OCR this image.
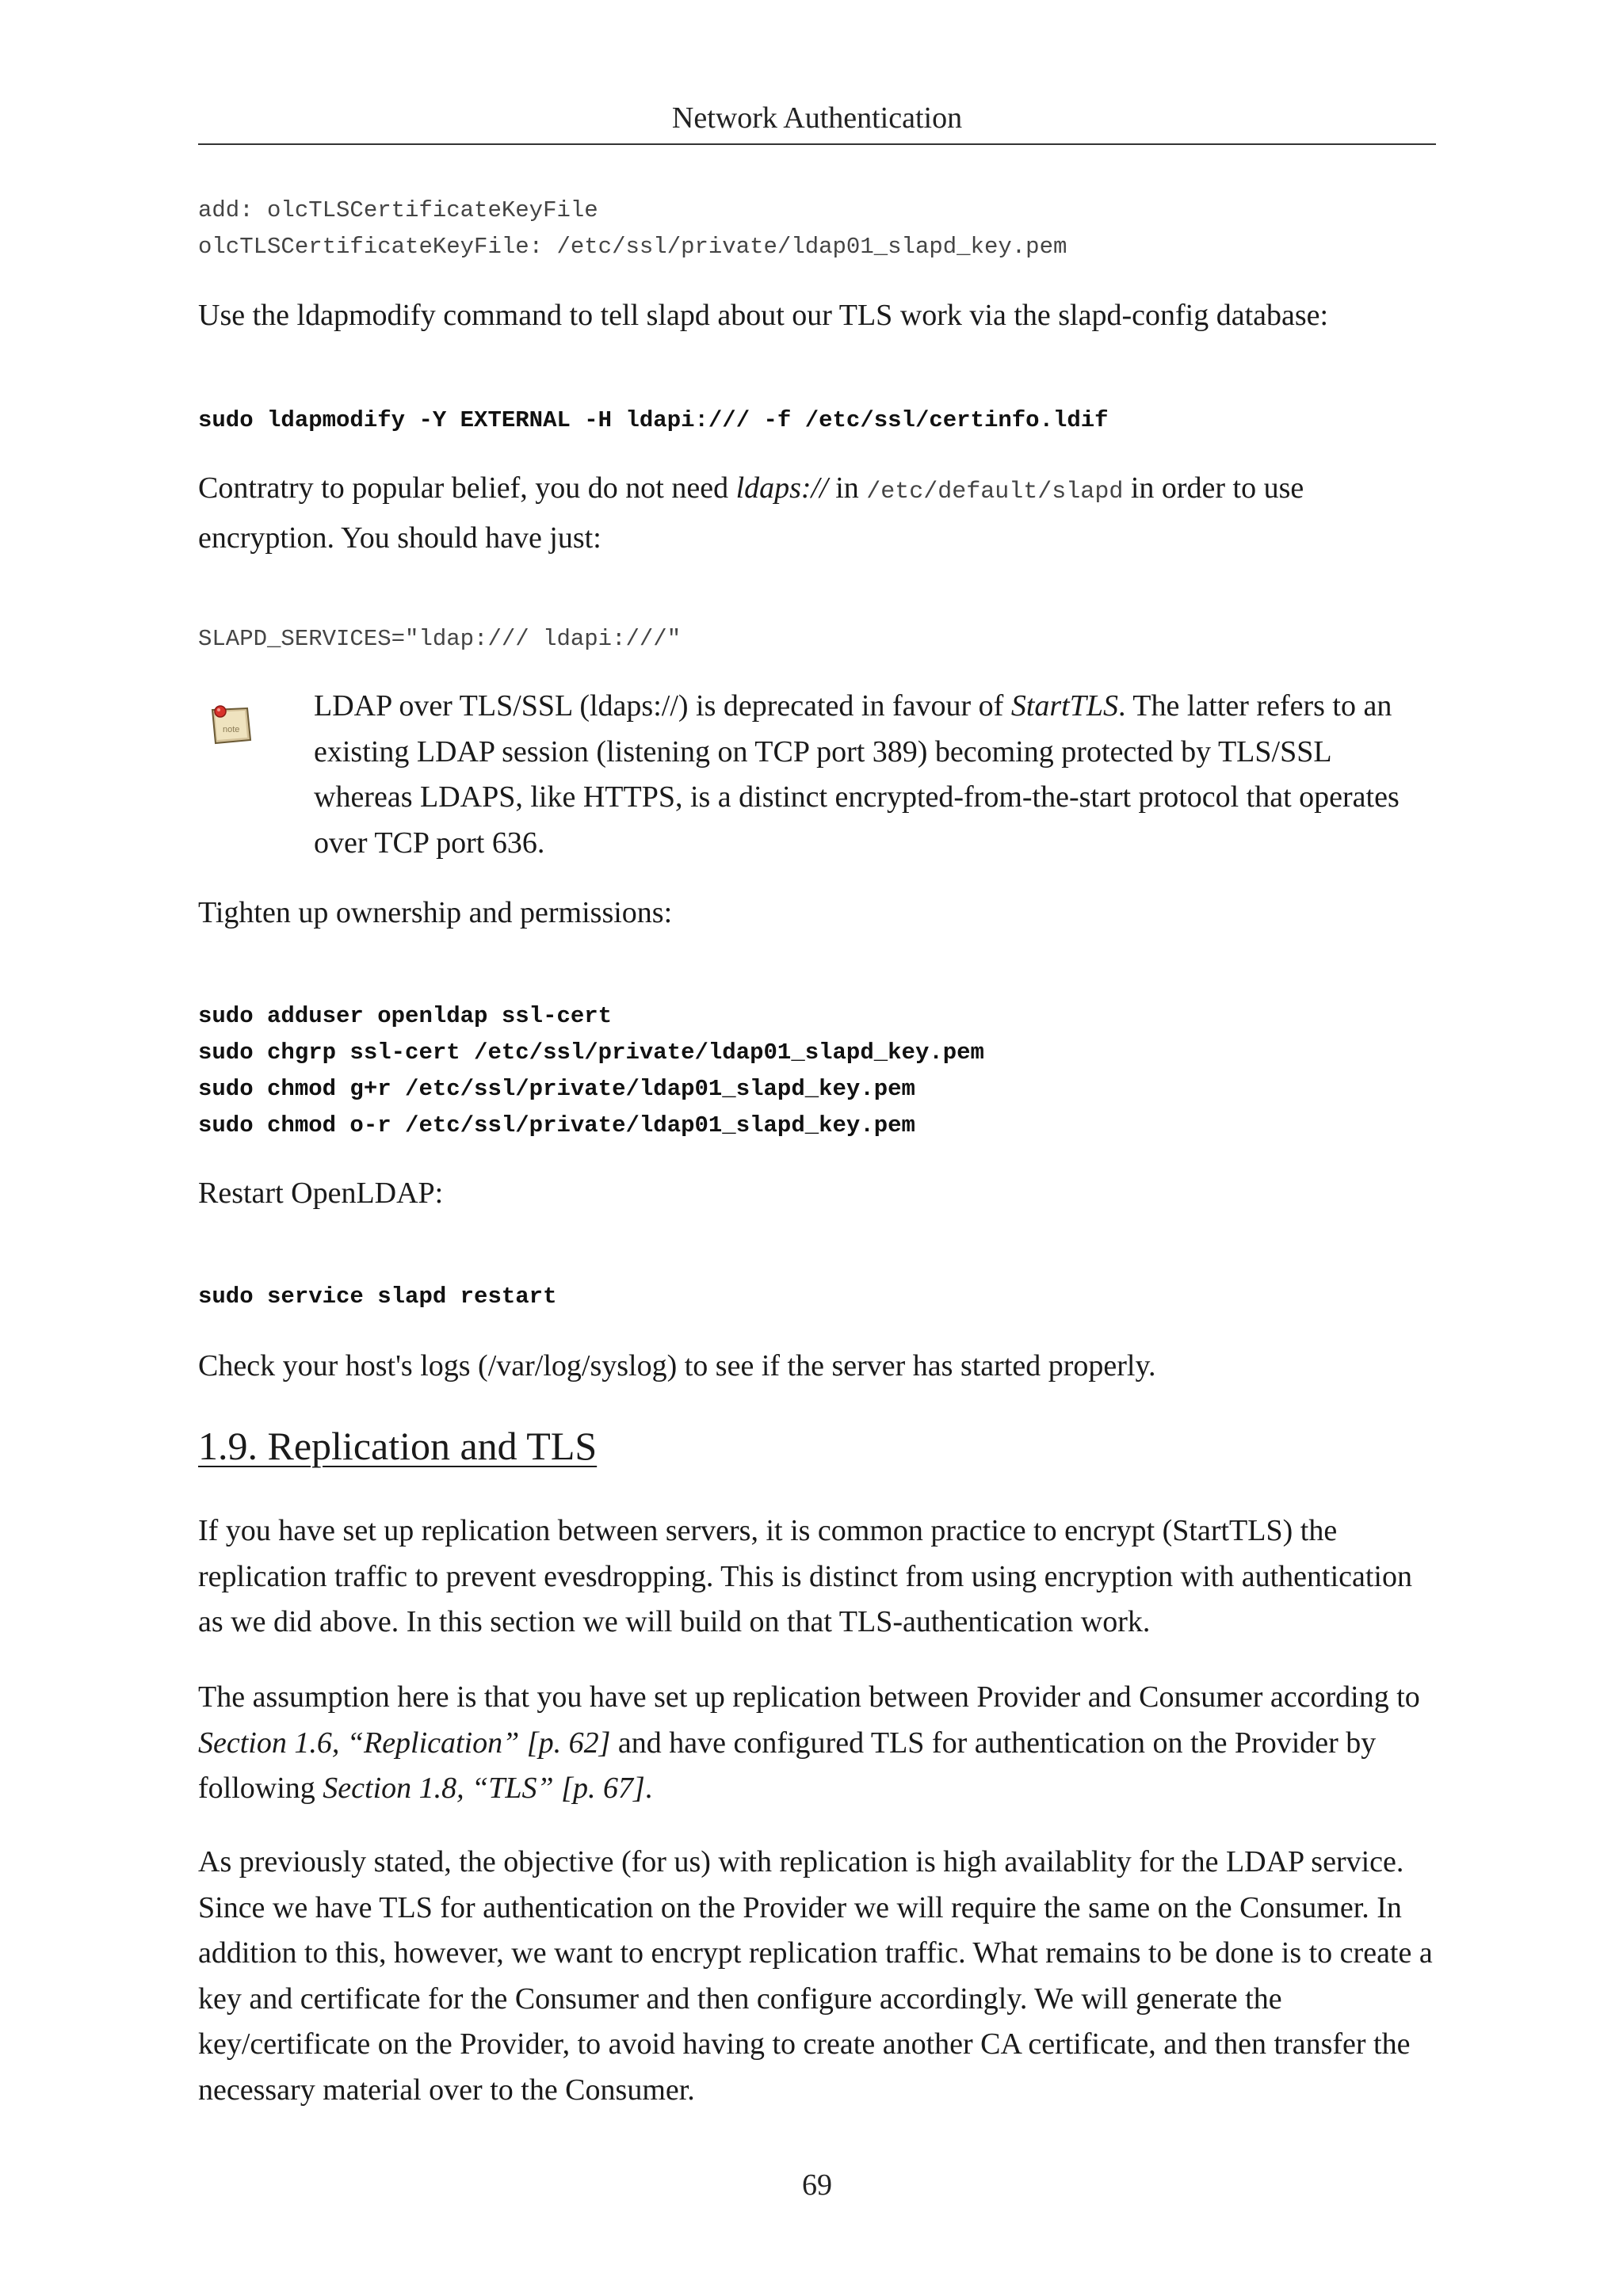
Network Authentication
add: olcTLSCertificateKeyFile
olcTLSCertificateKeyFile: /etc/ssl/private/ldap01_slapd_key.pem

Use the ldapmodify command to tell slapd about our TLS work via the slapd-config database:

sudo ldapmodify -Y EXTERNAL -H ldapi:/// -f /etc/ssl/certinfo.ldif

Contratry to popular belief, you do not need ldaps:// in /etc/default/slapd in order to use encryption. You should have just:

SLAPD_SERVICES="ldap:/// ldapi:///"
note

LDAP over TLS/SSL (ldaps://) is deprecated in favour of StartTLS. The latter refers to an existing LDAP session (listening on TCP port 389) becoming protected by TLS/SSL whereas LDAPS, like HTTPS, is a distinct encrypted-from-the-start protocol that operates over TCP port 636.

Tighten up ownership and permissions:

sudo adduser openldap ssl-cert
sudo chgrp ssl-cert /etc/ssl/private/ldap01_slapd_key.pem
sudo chmod g+r /etc/ssl/private/ldap01_slapd_key.pem
sudo chmod o-r /etc/ssl/private/ldap01_slapd_key.pem

Restart OpenLDAP:

sudo service slapd restart

Check your host's logs (/var/log/syslog) to see if the server has started properly.

1.9. Replication and TLS

If you have set up replication between servers, it is common practice to encrypt (StartTLS) the replication traffic to prevent evesdropping. This is distinct from using encryption with authentication as we did above. In this section we will build on that TLS-authentication work.

The assumption here is that you have set up replication between Provider and Consumer according to Section 1.6, “Replication” [p. 62] and have configured TLS for authentication on the Provider by following Section 1.8, “TLS” [p. 67].

As previously stated, the objective (for us) with replication is high availablity for the LDAP service. Since we have TLS for authentication on the Provider we will require the same on the Consumer. In addition to this, however, we want to encrypt replication traffic. What remains to be done is to create a key and certificate for the Consumer and then configure accordingly. We will generate the key/certificate on the Provider, to avoid having to create another CA certificate, and then transfer the necessary material over to the Consumer.

69
